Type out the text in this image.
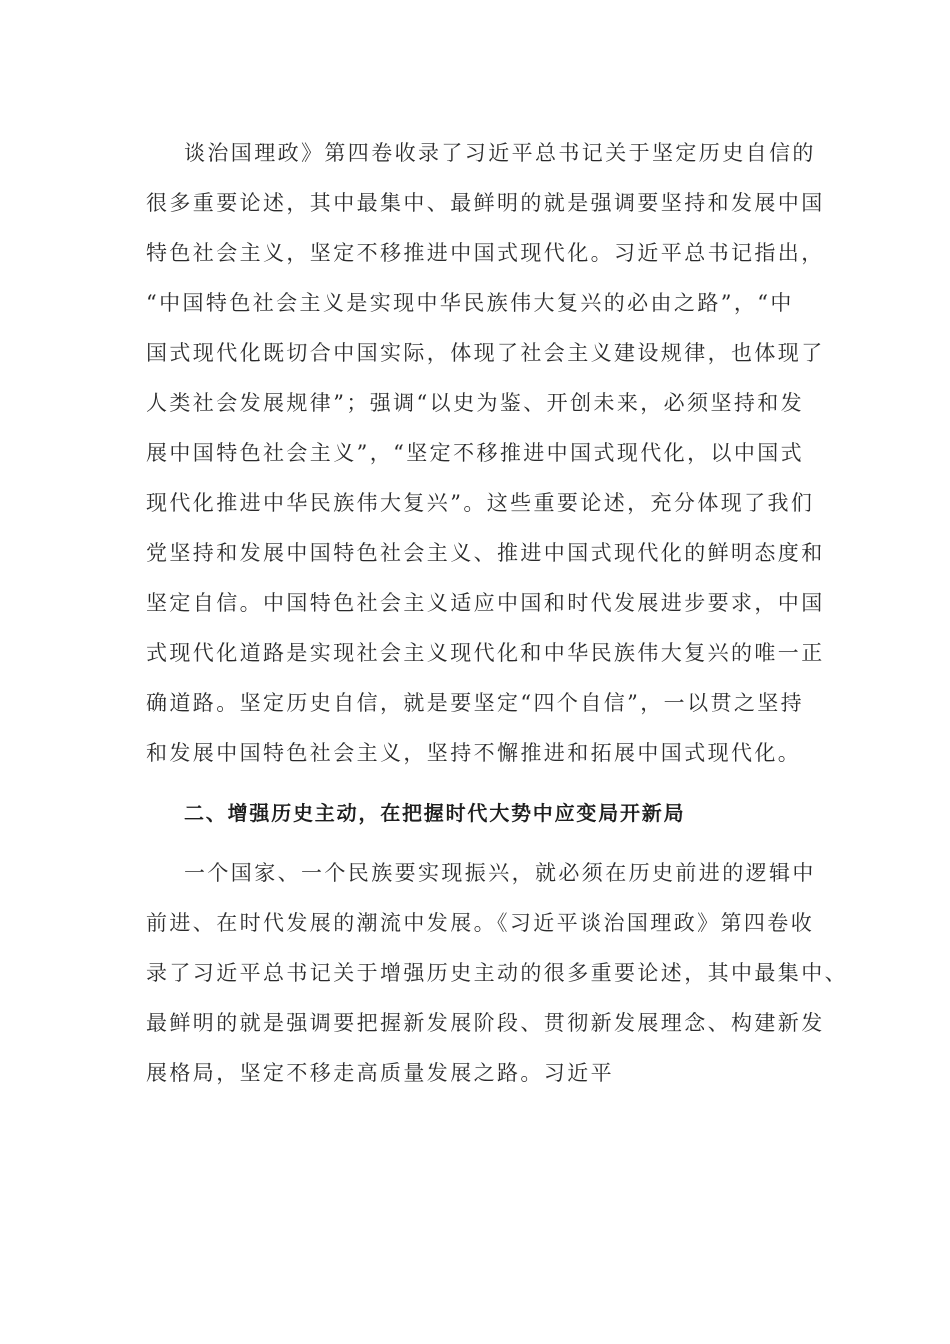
谈治国理政》第四卷收录了习近平总书记关于坚定历史自信的
很多重要论述，其中最集中、最鲜明的就是强调要坚持和发展中国
特色社会主义，坚定不移推进中国式现代化。习近平总书记指出，
“中国特色社会主义是实现中华民族伟大复兴的必由之路”，“中
国式现代化既切合中国实际，体现了社会主义建设规律，也体现了
人类社会发展规律”；强调“以史为鉴、开创未来，必须坚持和发
展中国特色社会主义”，“坚定不移推进中国式现代化，以中国式
现代化推进中华民族伟大复兴”。这些重要论述，充分体现了我们
党坚持和发展中国特色社会主义、推进中国式现代化的鲜明态度和
坚定自信。中国特色社会主义适应中国和时代发展进步要求，中国
式现代化道路是实现社会主义现代化和中华民族伟大复兴的唯一正
确道路。坚定历史自信，就是要坚定“四个自信”，一以贯之坚持
和发展中国特色社会主义，坚持不懈推进和拓展中国式现代化。
二、增强历史主动，在把握时代大势中应变局开新局
一个国家、一个民族要实现振兴，就必须在历史前进的逻辑中
前进、在时代发展的潮流中发展。《习近平谈治国理政》第四卷收
录了习近平总书记关于增强历史主动的很多重要论述，其中最集中、
最鲜明的就是强调要把握新发展阶段、贯彻新发展理念、构建新发
展格局，坚定不移走高质量发展之路。习近平
